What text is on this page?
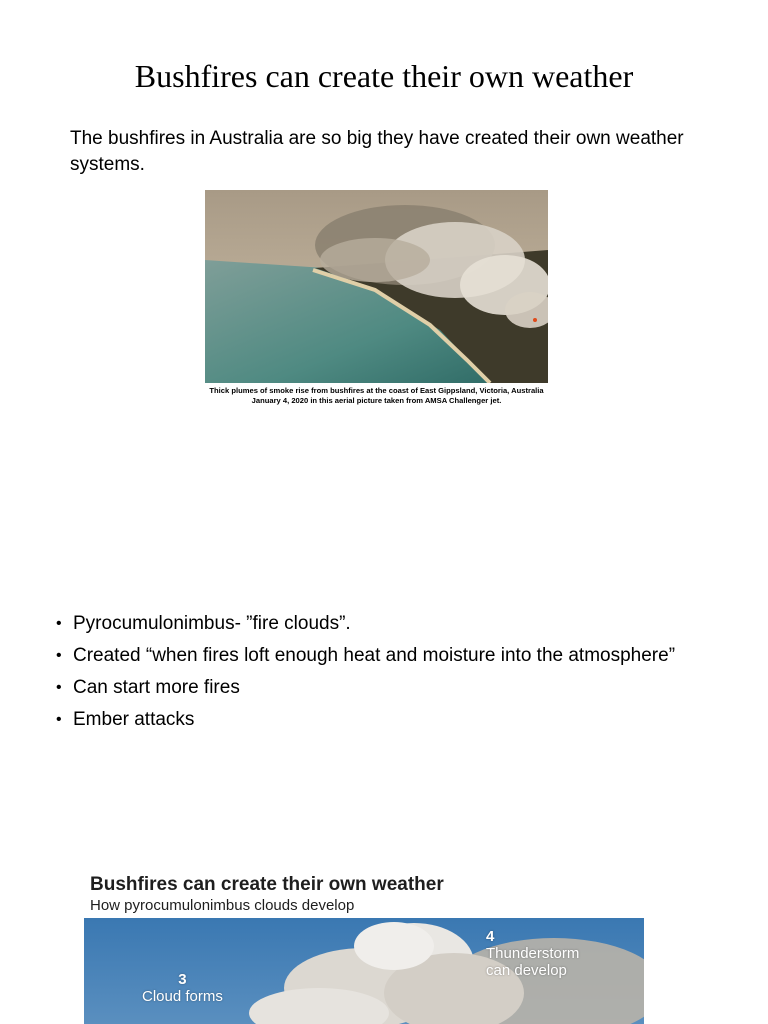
Bushfires can create their own weather

The bushfires in Australia are so big they have created their own weather systems.

Thick plumes of smoke rise from bushfires at the coast of East Gippsland, Victoria, Australia January 4, 2020 in this aerial picture taken from AMSA Challenger jet.

• Pyrocumulonimbus- ”fire clouds”.
• Created “when fires loft enough heat and moisture into the atmosphere”
• Can start more fires
• Ember attacks

Bushfires can create their own weather

How pyrocumulonimbus clouds develop

3
Cloud forms
4
Thunderstorm
can develop
